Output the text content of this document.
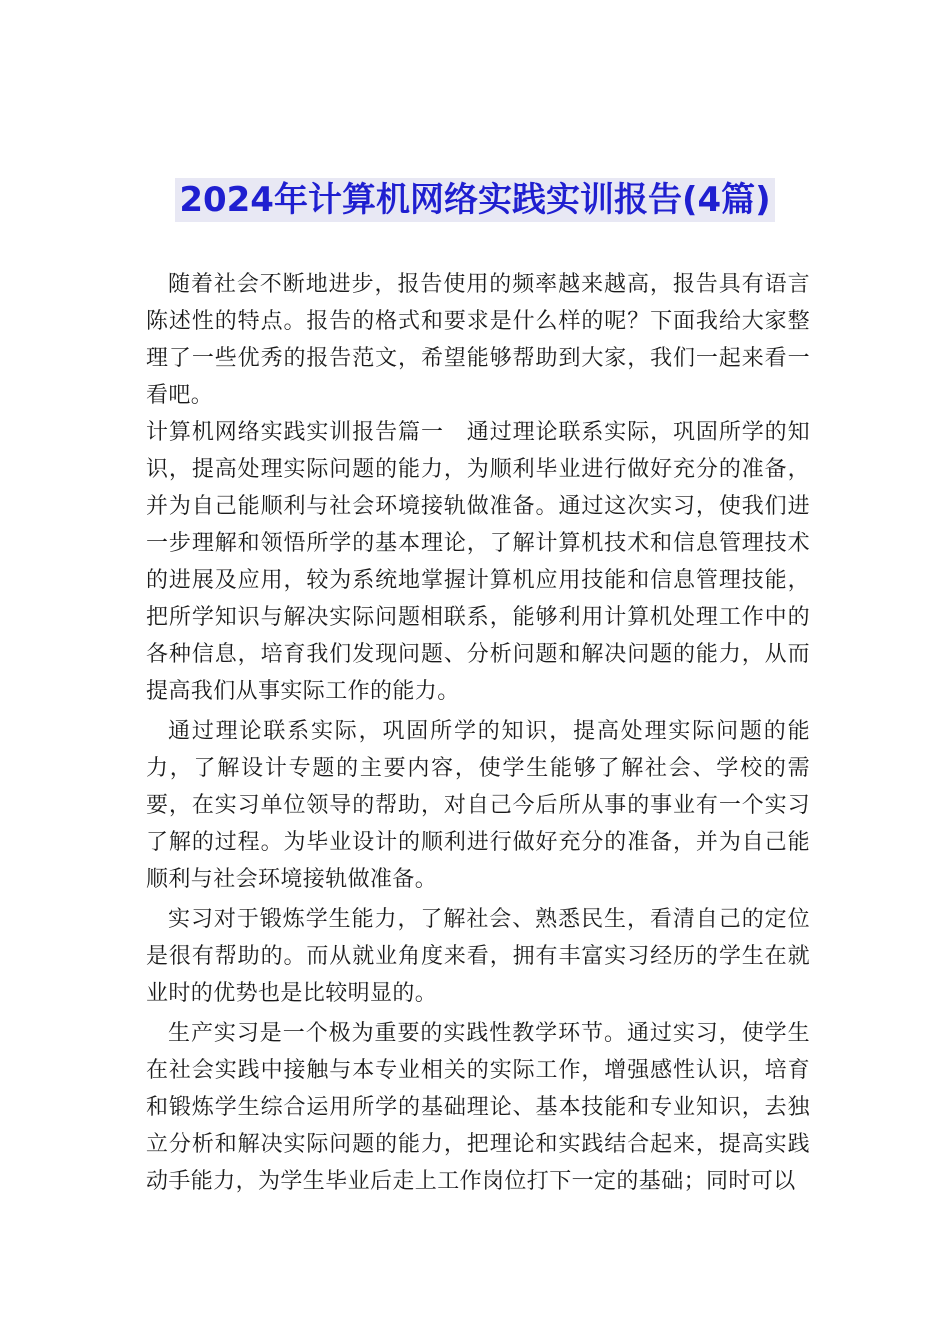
2024年计算机网络实践实训报告(4篇)

随着社会不断地进步，报告使用的频率越来越高，报告具有语言陈述性的特点。报告的格式和要求是什么样的呢？下面我给大家整理了一些优秀的报告范文，希望能够帮助到大家，我们一起来看一看吧。

计算机网络实践实训报告篇一　通过理论联系实际，巩固所学的知识，提高处理实际问题的能力，为顺利毕业进行做好充分的准备，并为自己能顺利与社会环境接轨做准备。通过这次实习，使我们进一步理解和领悟所学的基本理论，了解计算机技术和信息管理技术的进展及应用，较为系统地掌握计算机应用技能和信息管理技能，把所学知识与解决实际问题相联系，能够利用计算机处理工作中的各种信息，培育我们发现问题、分析问题和解决问题的能力，从而提高我们从事实际工作的能力。

通过理论联系实际，巩固所学的知识，提高处理实际问题的能力，了解设计专题的主要内容，使学生能够了解社会、学校的需要，在实习单位领导的帮助，对自己今后所从事的事业有一个实习了解的过程。为毕业设计的顺利进行做好充分的准备，并为自己能顺利与社会环境接轨做准备。

实习对于锻炼学生能力，了解社会、熟悉民生，看清自己的定位是很有帮助的。而从就业角度来看，拥有丰富实习经历的学生在就业时的优势也是比较明显的。

生产实习是一个极为重要的实践性教学环节。通过实习，使学生在社会实践中接触与本专业相关的实际工作，增强感性认识，培育和锻炼学生综合运用所学的基础理论、基本技能和专业知识，去独立分析和解决实际问题的能力，把理论和实践结合起来，提高实践动手能力，为学生毕业后走上工作岗位打下一定的基础；同时可以
